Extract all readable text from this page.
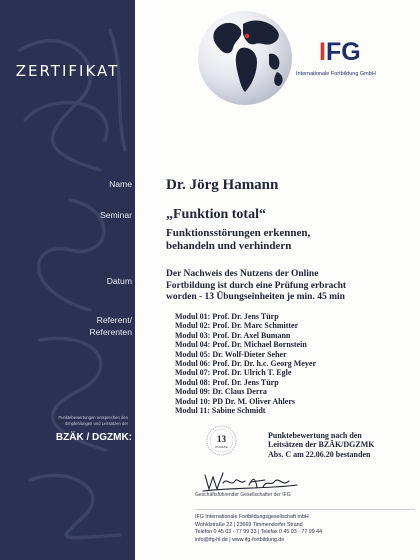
ZERTIFIKAT
Name
Seminar
Datum
Referent/
Referenten
Punktebewertungen entsprechen den
Empfehlungen und Leitsätzen der
BZÄK / DGZMK:
IFG
Internationale Fortbildung GmbH
Dr. Jörg Hamann
„Funktion total“
Funktionsstörungen erkennen,
behandeln und verhindern
Der Nachweis des Nutzens der Online
Fortbildung ist durch eine Prüfung erbracht
worden - 13 Übungseinheiten je min. 45 min
Modul 01: Prof. Dr. Jens Türp
Modul 02: Prof. Dr. Marc Schmitter
Modul 03: Prof. Dr. Axel Bumann
Modul 04: Prof. Dr. Michael Bornstein
Modul 05: Dr. Wolf-Dieter Seher
Modul 06: Prof. Dr. Dr. h.c. Georg Meyer
Modul 07: Prof. Dr. Ulrich T. Egle
Modul 08: Prof. Dr. Jens Türp
Modul 09: Dr. Claus Derra
Modul 10: PD Dr. M. Oliver Ahlers
Modul 11: Sabine Schmidt
13
PUNKTE
Punktebewertung nach den
Leitsätzen der BZÄK/DGZMK
Abs. C am 22.06.20 bestanden
Geschäftsführender Gesellschafter der IFG
IFG Internationale Fortbildungsgesellschaft mbH
Wohldstraße 22 | 23669 Timmendorfer Strand
Telefon 0 45 03 - 77 99 33 | Telefax 0 45 03 - 77 99 44
info@ifg-hl.de | www.ifg-fortbildung.de
